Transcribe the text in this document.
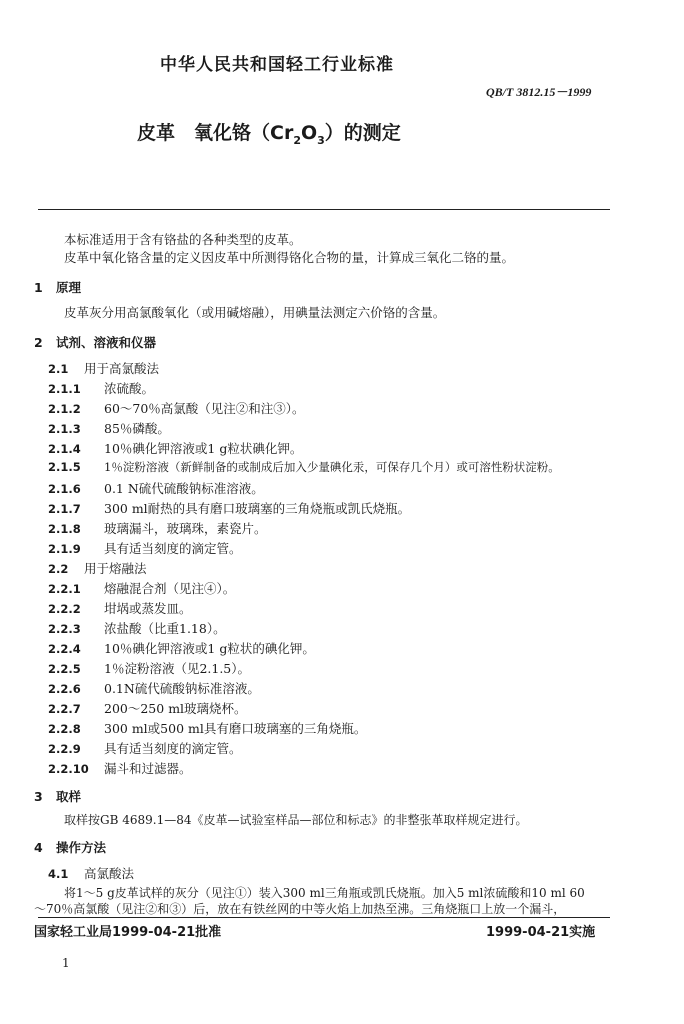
中华人民共和国轻工行业标准
QB/T 3812.15－1999
皮革　氧化铬$(Cr_2O_3)$的测定
本标准适用于含有铬盐的各种类型的皮革。
皮革中氧化铬含量的定义因皮革中所测得铬化合物的量，计算成三氧化二铬的量。
1 原理
皮革灰分用高氯酸氧化（或用碱熔融），用碘量法测定六价铬的含量。
2 试剂、溶液和仪器
2.1 用于高氯酸法
2.1.1 浓硫酸。
2.1.2 60～70％高氯酸（见注②和注③）。
2.1.3 85％磷酸。
2.1.4 10％碘化钾溶液或1 g粒状碘化钾。
2.1.5 1％淀粉溶液（新鲜制备的或制成后加入少量碘化汞，可保存几个月）或可溶性粉状淀粉。
2.1.6 0.1 N硫代硫酸钠标准溶液。
2.1.7 300 ml耐热的具有磨口玻璃塞的三角烧瓶或凯氏烧瓶。
2.1.8 玻璃漏斗，玻璃珠，素瓷片。
2.1.9 具有适当刻度的滴定管。
2.2 用于熔融法
2.2.1 熔融混合剂（见注④）。
2.2.2 坩埚或蒸发皿。
2.2.3 浓盐酸（比重1.18）。
2.2.4 10％碘化钾溶液或1 g粒状的碘化钾。
2.2.5 1％淀粉溶液（见2.1.5）。
2.2.6 0.1N硫代硫酸钠标准溶液。
2.2.7 200～250 ml玻璃烧杯。
2.2.8 300 ml或500 ml具有磨口玻璃塞的三角烧瓶。
2.2.9 具有适当刻度的滴定管。
2.2.10 漏斗和过滤器。
3 取样
取样按GB 4689.1—84《皮革—试验室样品—部位和标志》的非整张革取样规定进行。
4 操作方法
4.1 高氯酸法
将1～5 g皮革试样的灰分（见注①）装入300 ml三角瓶或凯氏烧瓶。加入5 ml浓硫酸和10 ml 60
～70％高氯酸（见注②和③）后，放在有铁丝网的中等火焰上加热至沸。三角烧瓶口上放一个漏斗，
国家轻工业局1999-04-21批准	1999-04-21实施
1
